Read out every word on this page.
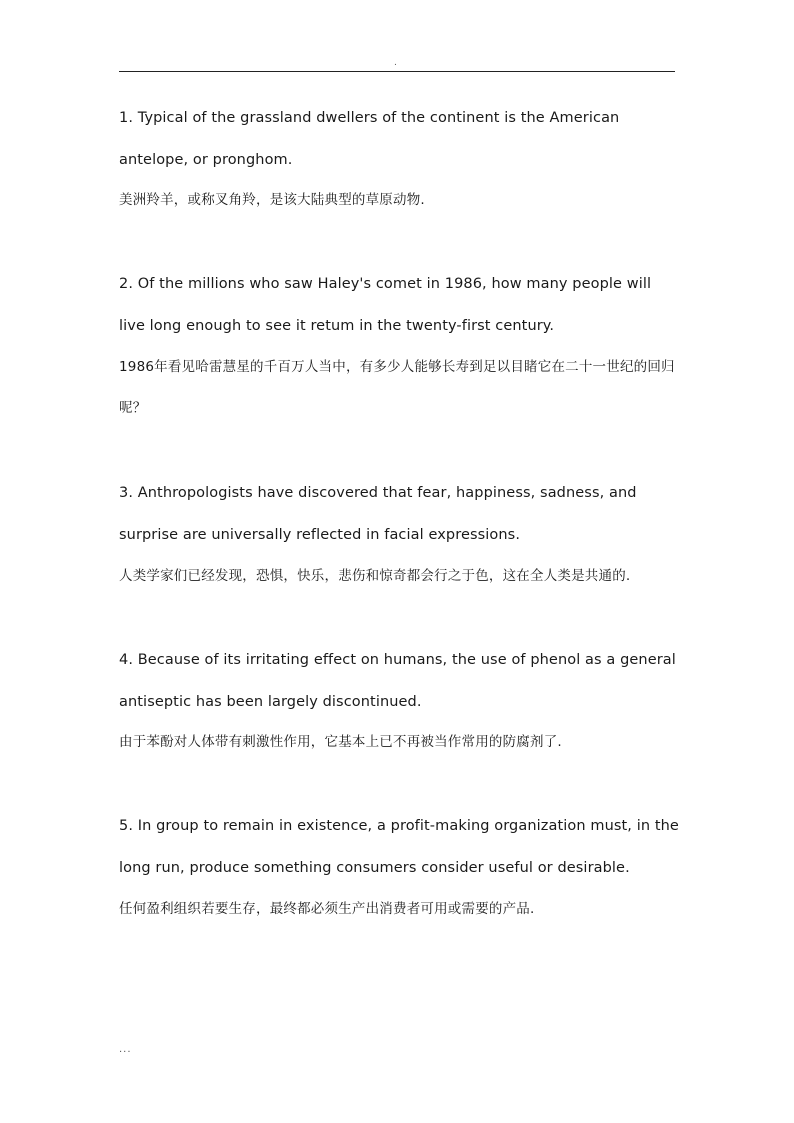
.
1. Typical of the grassland dwellers of the continent is the American antelope, or pronghom.
美洲羚羊，或称叉角羚，是该大陆典型的草原动物.
2. Of the millions who saw Haley's comet in 1986, how many people will live long enough to see it retum in the twenty-first century.
1986年看见哈雷慧星的千百万人当中，有多少人能够长寿到足以目睹它在二十一世纪的回归呢？
3. Anthropologists have discovered that fear, happiness, sadness, and surprise are universally reflected in facial expressions.
人类学家们已经发现，恐惧，快乐，悲伤和惊奇都会行之于色，这在全人类是共通的.
4. Because of its irritating effect on humans, the use of phenol as a general antiseptic has been largely discontinued.
由于苯酚对人体带有刺激性作用，它基本上已不再被当作常用的防腐剂了.
5. In group to remain in existence, a profit-making organization must, in the long run, produce something consumers consider useful or desirable.
任何盈利组织若要生存，最终都必须生产出消费者可用或需要的产品.
...
